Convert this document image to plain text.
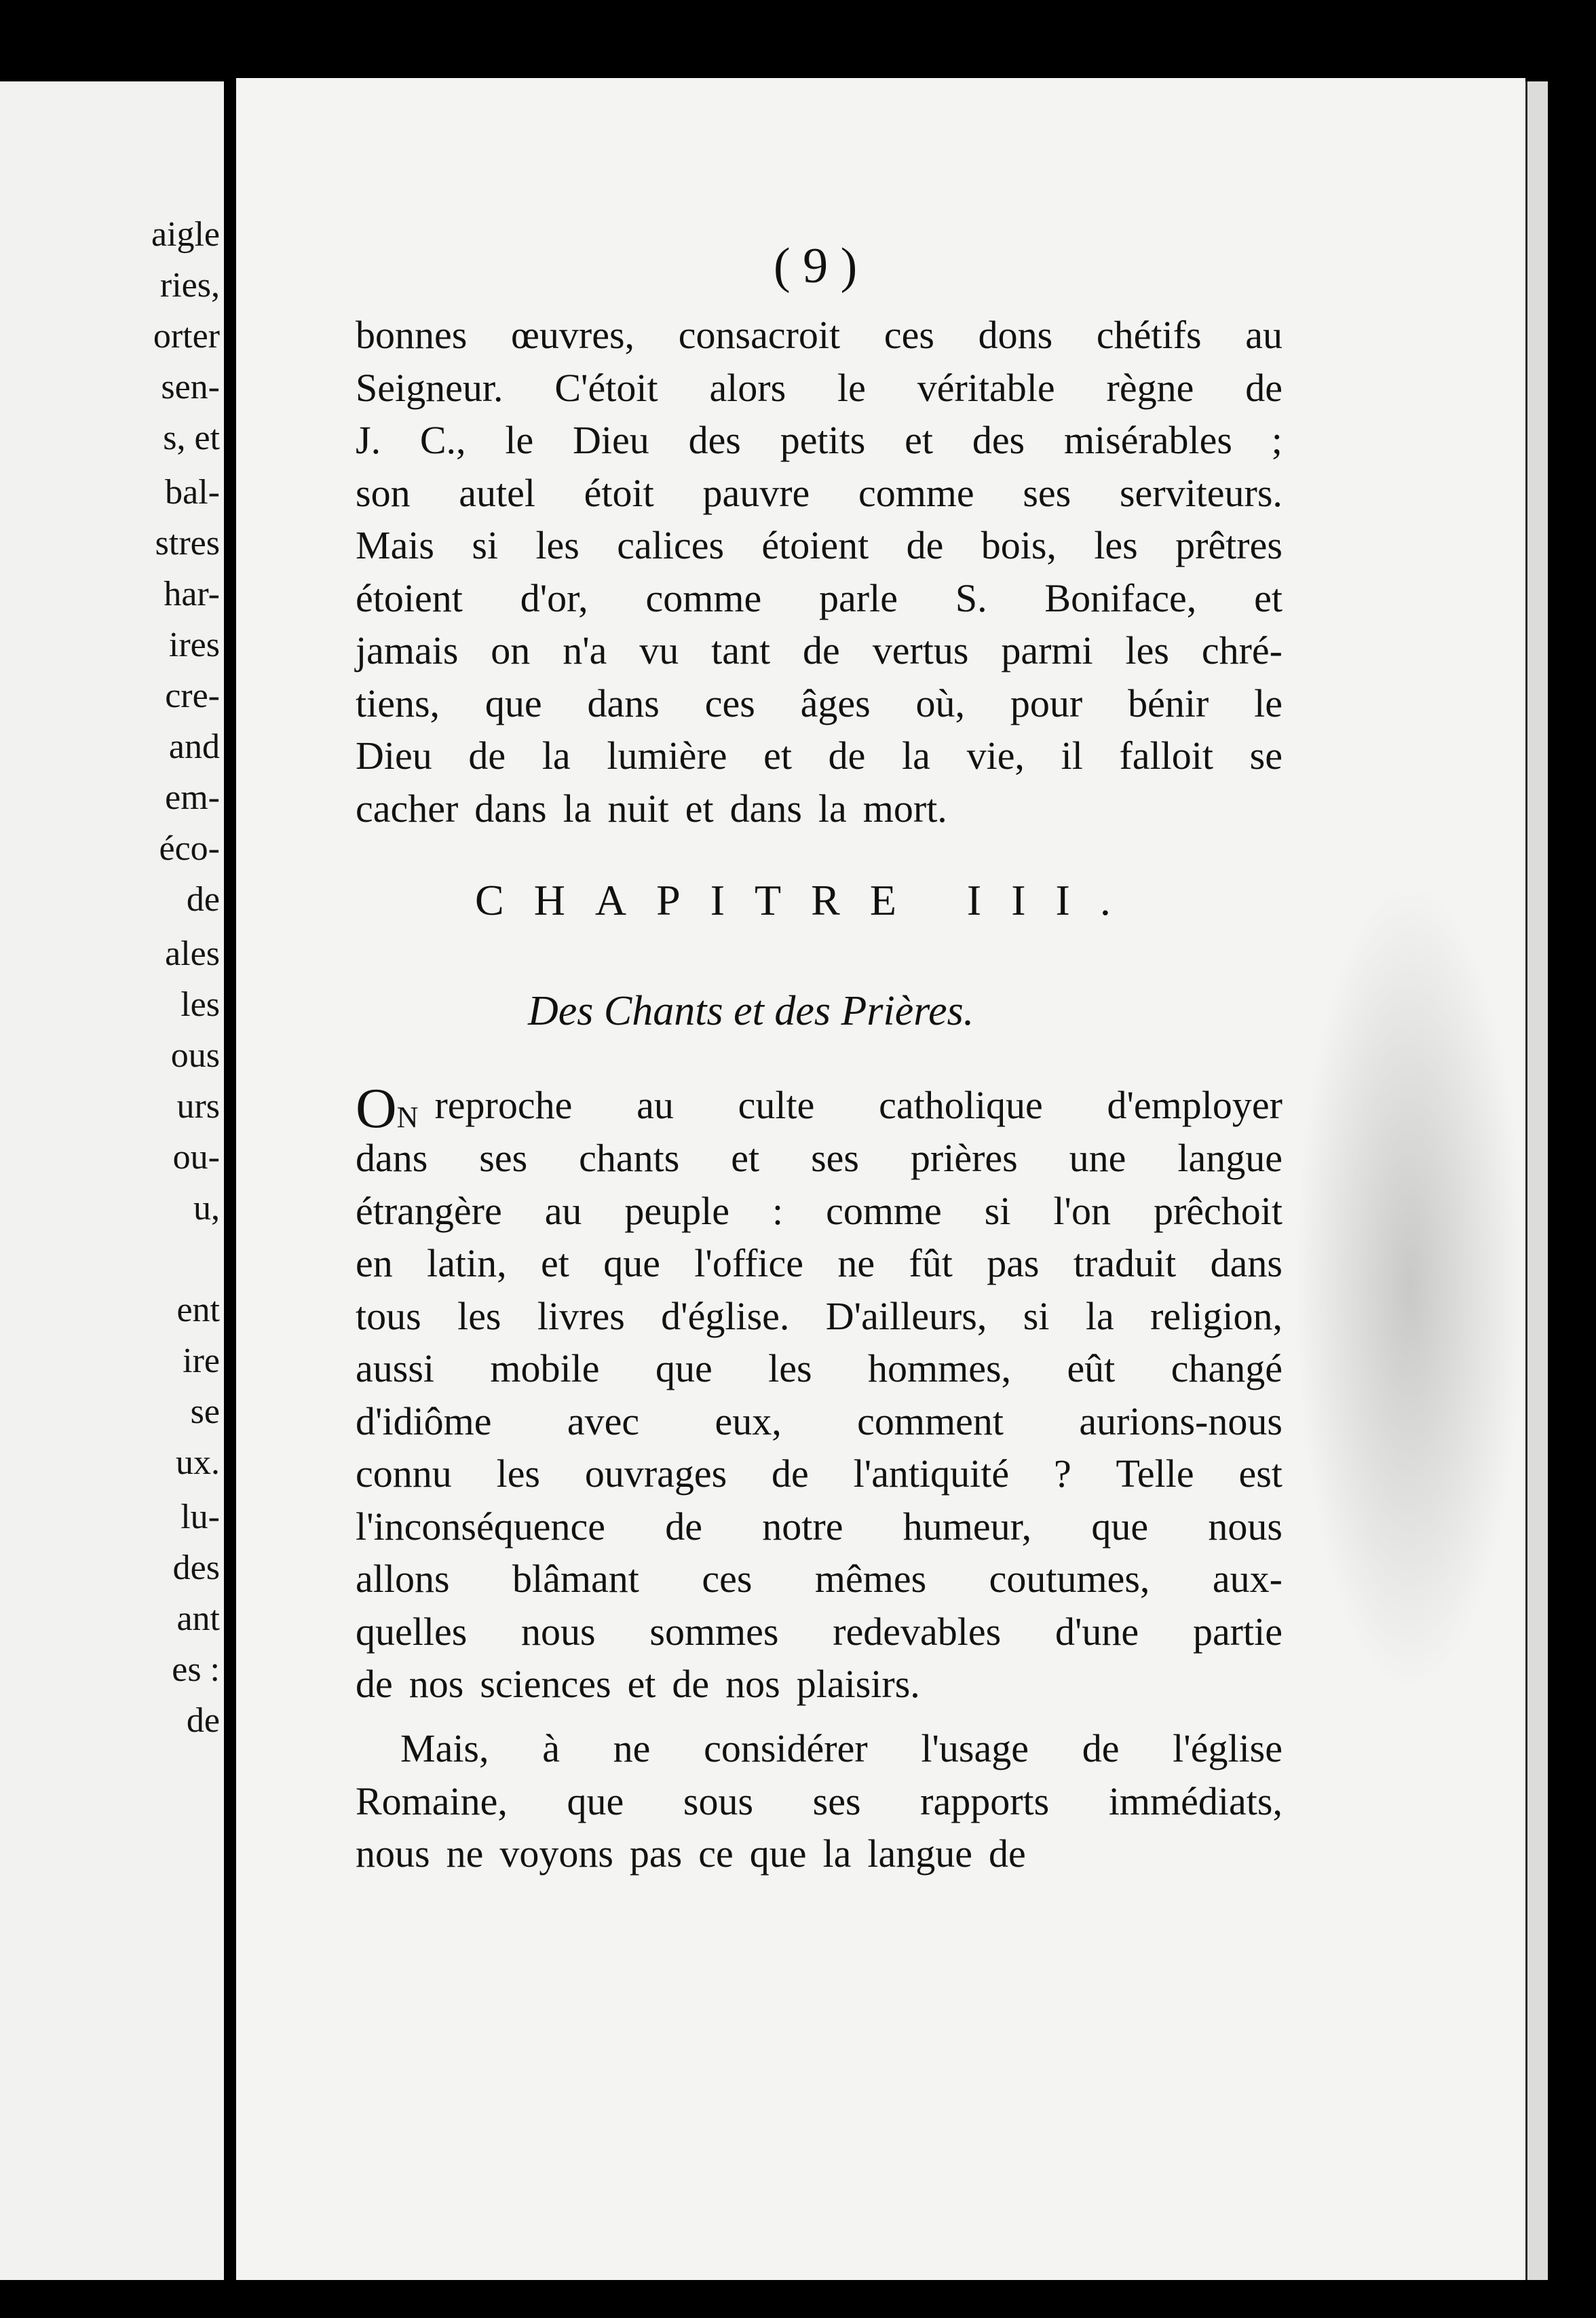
aigle
ries,
orter
sen-
s, et
bal-
stres
har-
ires
cre-
and
em-
éco-
de
ales
les
ous
urs
ou-
u,
ent
ire
se
ux.
lu-
des
ant
es :
de
( 9 )
bonnes œuvres, consacroit ces dons chétifs au
Seigneur. C'étoit alors le véritable règne de
J. C., le Dieu des petits et des misérables ;
son autel étoit pauvre comme ses serviteurs.
Mais si les calices étoient de bois, les prêtres
étoient d'or, comme parle S. Boniface, et
jamais on n'a vu tant de vertus parmi les chré-
tiens, que dans ces âges où, pour bénir le
Dieu de la lumière et de la vie, il falloit se
cacher dans la nuit et dans la mort.
CHAPITRE III.
Des Chants et des Prières.
ON reproche au culte catholique d'employer
dans ses chants et ses prières une langue
étrangère au peuple : comme si l'on prêchoit
en latin, et que l'office ne fût pas traduit dans
tous les livres d'église. D'ailleurs, si la religion,
aussi mobile que les hommes, eût changé
d'idiôme avec eux, comment aurions-nous
connu les ouvrages de l'antiquité ? Telle est
l'inconséquence de notre humeur, que nous
allons blâmant ces mêmes coutumes, aux-
quelles nous sommes redevables d'une partie
de nos sciences et de nos plaisirs.
Mais, à ne considérer l'usage de l'église
Romaine, que sous ses rapports immédiats,
nous ne voyons pas ce que la langue de
